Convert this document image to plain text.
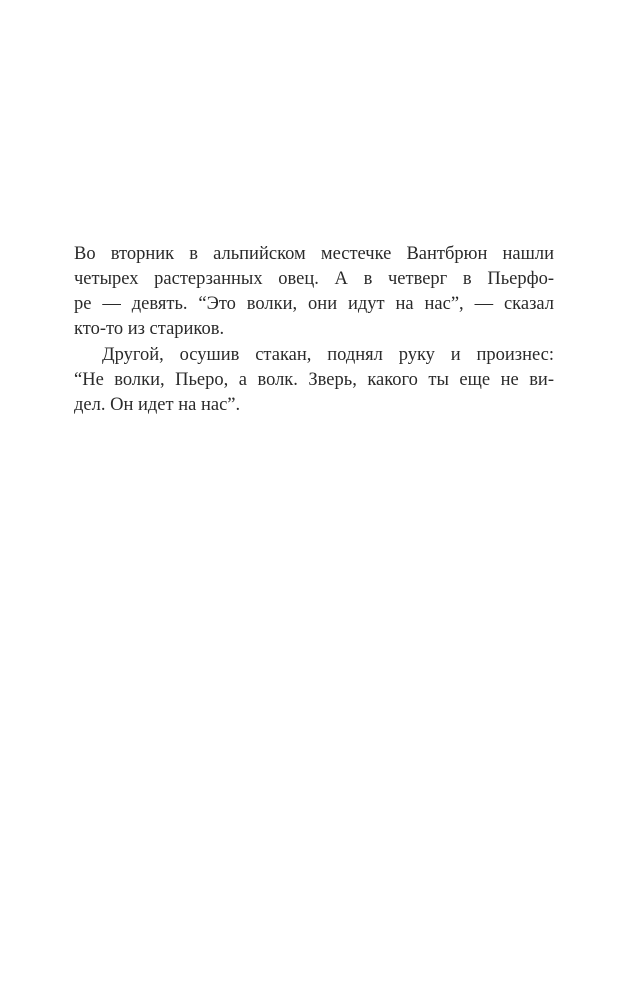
Во вторник в альпийском местечке Вантбрюн нашли
четырех растерзанных овец. А в четверг в Пьерфо-
ре — девять. “Это волки, они идут на нас”, — сказал
кто-то из стариков.
Другой, осушив стакан, поднял руку и произнес:
“Не волки, Пьеро, а волк. Зверь, какого ты еще не ви-
дел. Он идет на нас”.
